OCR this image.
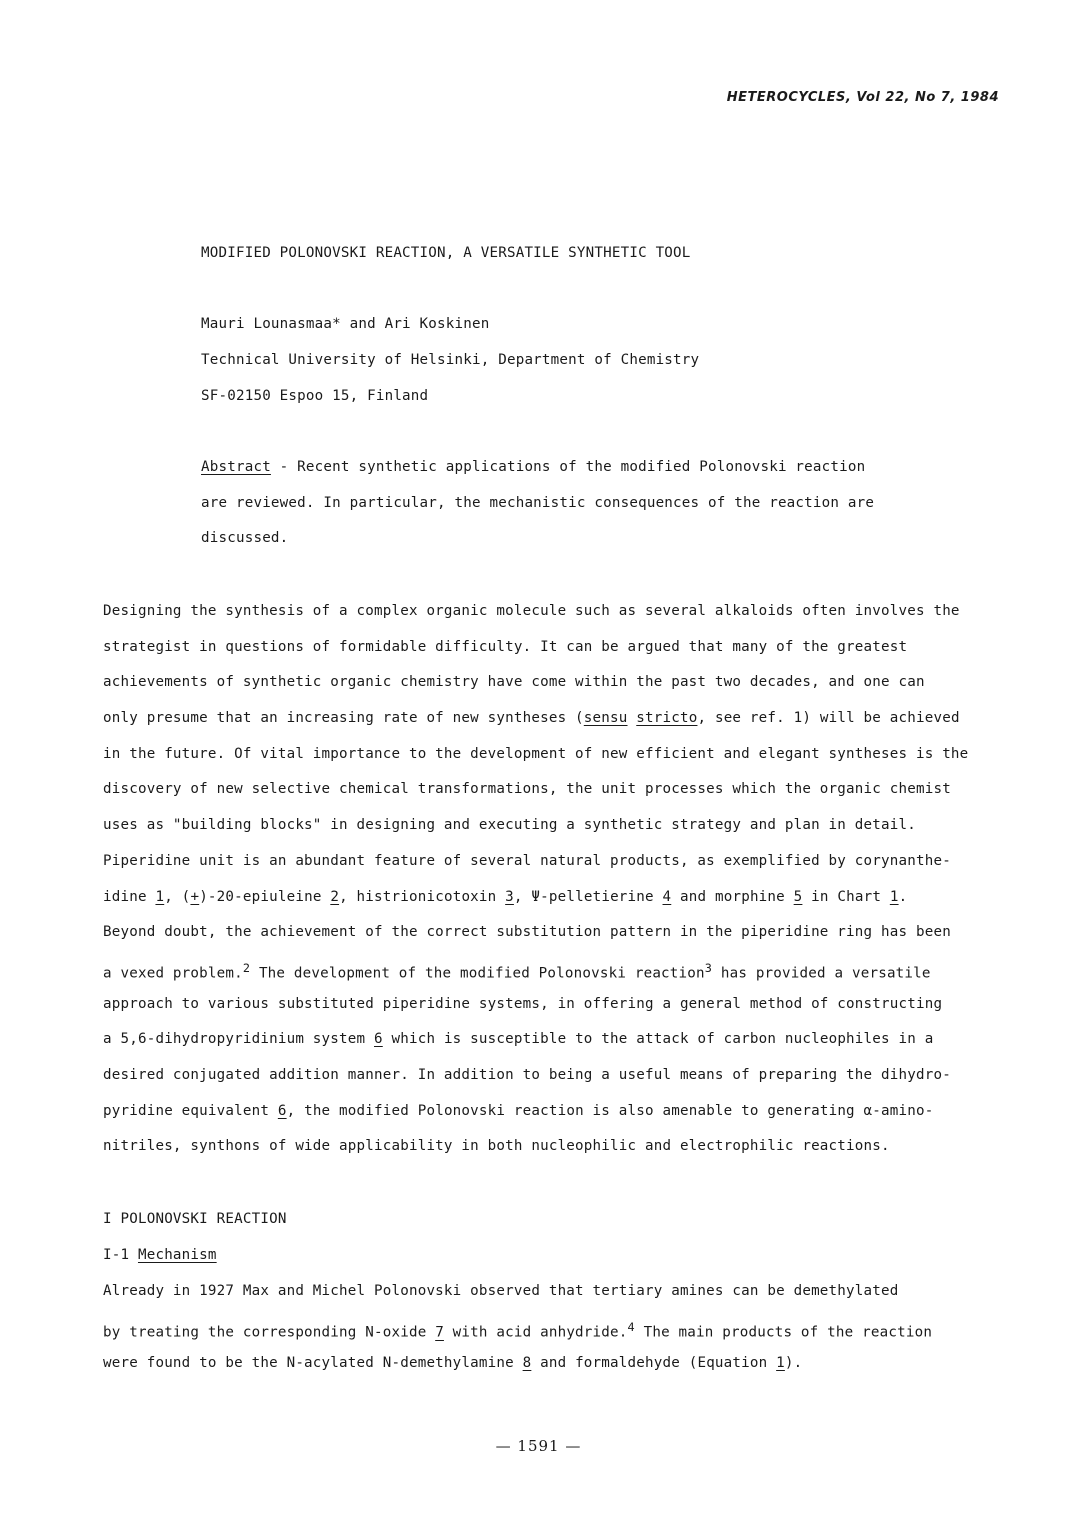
HETEROCYCLES, Vol 22, No 7, 1984
MODIFIED POLONOVSKI REACTION, A VERSATILE SYNTHETIC TOOL
Mauri Lounasmaa* and Ari Koskinen
Technical University of Helsinki, Department of Chemistry
SF-02150 Espoo 15, Finland
Abstract - Recent synthetic applications of the modified Polonovski reaction
are reviewed. In particular, the mechanistic consequences of the reaction are
discussed.
Designing the synthesis of a complex organic molecule such as several alkaloids often involves the
strategist in questions of formidable difficulty. It can be argued that many of the greatest
achievements of synthetic organic chemistry have come within the past two decades, and one can
only presume that an increasing rate of new syntheses (sensu stricto, see ref. 1) will be achieved
in the future. Of vital importance to the development of new efficient and elegant syntheses is the
discovery of new selective chemical transformations, the unit processes which the organic chemist
uses as "building blocks" in designing and executing a synthetic strategy and plan in detail.
Piperidine unit is an abundant feature of several natural products, as exemplified by corynanthe-
idine 1, (+)-20-epiuleine 2, histrionicotoxin 3, Ψ-pelletierine 4 and morphine 5 in Chart 1.
Beyond doubt, the achievement of the correct substitution pattern in the piperidine ring has been
a vexed problem.$^2$ The development of the modified Polonovski reaction$^3$ has provided a versatile
approach to various substituted piperidine systems, in offering a general method of constructing
a 5,6-dihydropyridinium system 6 which is susceptible to the attack of carbon nucleophiles in a
desired conjugated addition manner. In addition to being a useful means of preparing the dihydro-
pyridine equivalent 6, the modified Polonovski reaction is also amenable to generating α-amino-
nitriles, synthons of wide applicability in both nucleophilic and electrophilic reactions.
I POLONOVSKI REACTION
I-1 Mechanism
Already in 1927 Max and Michel Polonovski observed that tertiary amines can be demethylated
by treating the corresponding N-oxide 7 with acid anhydride.$^4$ The main products of the reaction
were found to be the N-acylated N-demethylamine 8 and formaldehyde (Equation 1).
— 1591 —
